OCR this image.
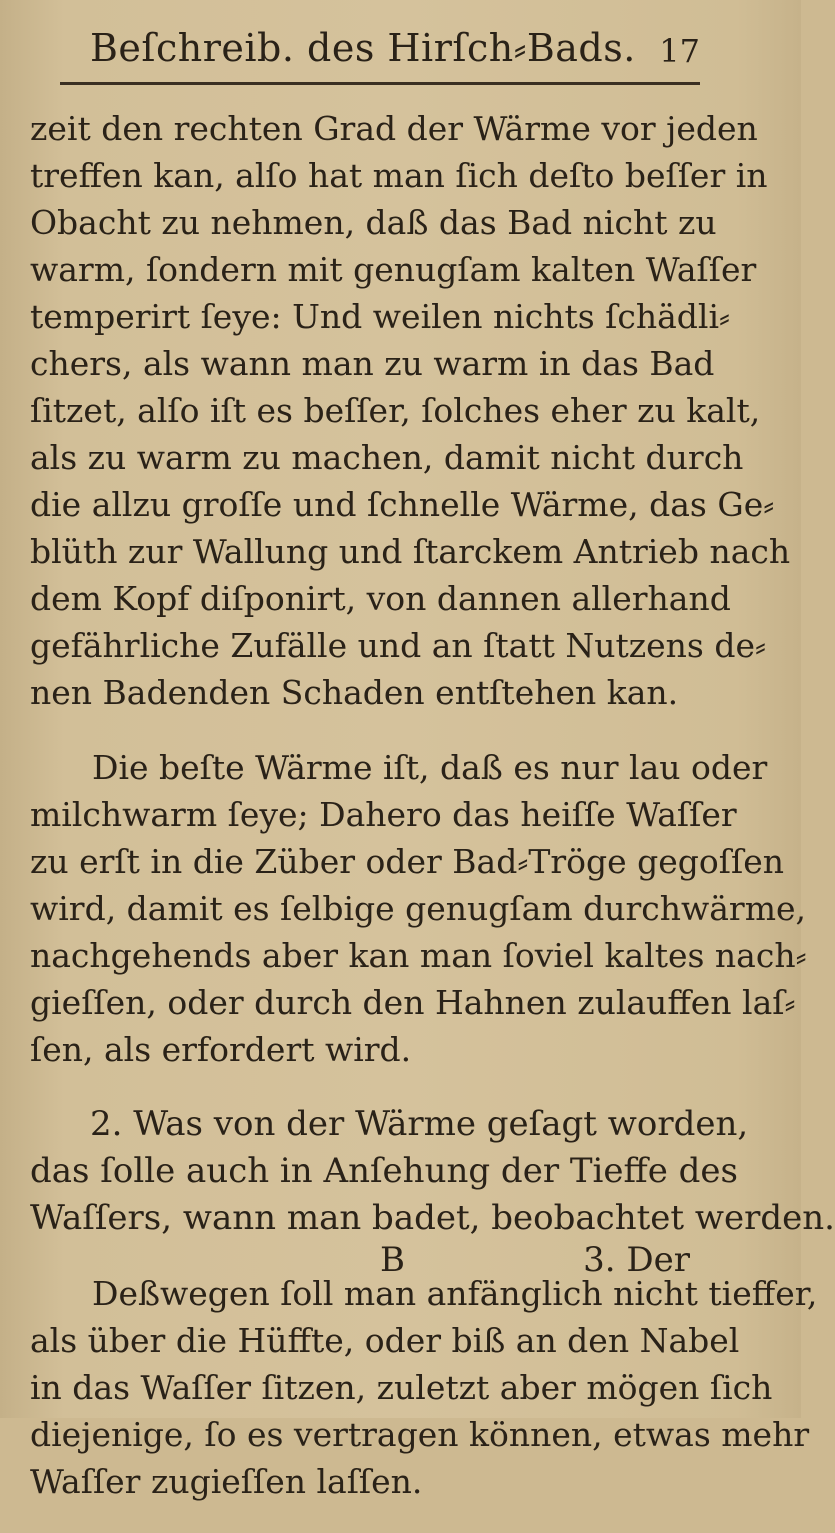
Beſchreib. des Hirſch⸗Bads. 17
zeit den rechten Grad der Wärme vor jeden
treffen kan, alſo hat man ſich deſto beſſer in
Obacht zu nehmen, daß das Bad nicht zu
warm, ſondern mit genugſam kalten Waſſer
temperirt ſeye: Und weilen nichts ſchädli⸗
chers, als wann man zu warm in das Bad
ſitzet, alſo iſt es beſſer, ſolches eher zu kalt,
als zu warm zu machen, damit nicht durch
die allzu groſſe und ſchnelle Wärme, das Ge⸗
blüth zur Wallung und ſtarckem Antrieb nach
dem Kopf diſponirt, von dannen allerhand
gefährliche Zufälle und an ſtatt Nutzens de⸗
nen Badenden Schaden entſtehen kan.
Die beſte Wärme iſt, daß es nur lau oder
milchwarm ſeye; Dahero das heiſſe Waſſer
zu erſt in die Züber oder Bad⸗Tröge gegoſſen
wird, damit es ſelbige genugſam durchwärme,
nachgehends aber kan man ſoviel kaltes nach⸗
gieſſen, oder durch den Hahnen zulauffen laſ⸗
ſen, als erfordert wird.
2. Was von der Wärme geſagt worden,
das ſolle auch in Anſehung der Tieffe des
Waſſers, wann man badet, beobachtet werden.
Deßwegen ſoll man anfänglich nicht tieffer,
als über die Hüffte, oder biß an den Nabel
in das Waſſer ſitzen, zuletzt aber mögen ſich
diejenige, ſo es vertragen können, etwas mehr
Waſſer zugieſſen laſſen.
B	3. Der
